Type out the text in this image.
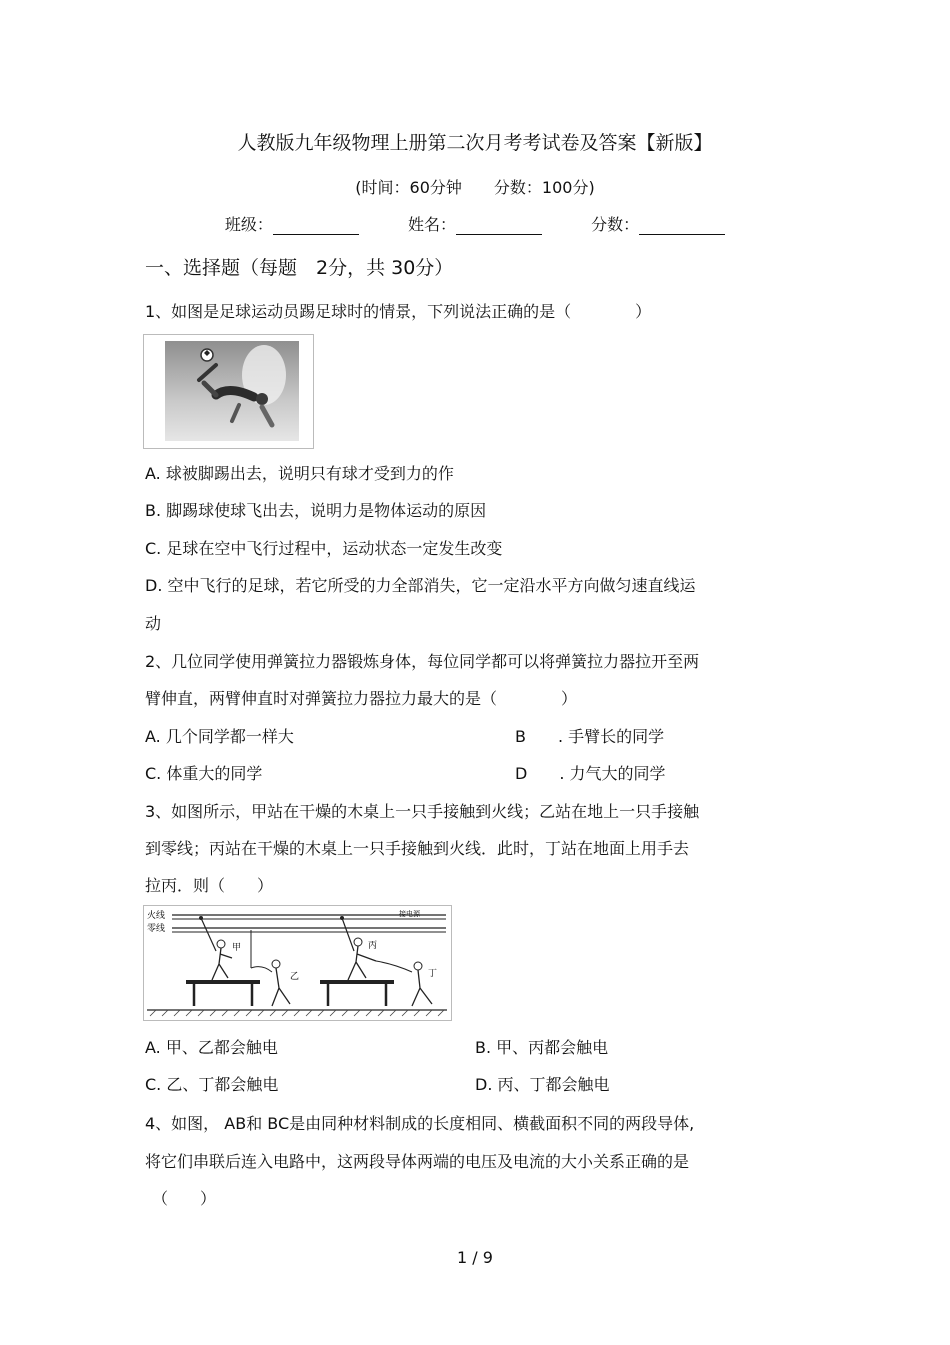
人教版九年级物理上册第二次月考考试卷及答案【新版】
(时间：60分钟　　分数：100分)
班级：	姓名：	分数：
一、选择题（每题　2分，共 30分）
1、如图是足球运动员踢足球时的情景，下列说法正确的是（　　　　）
A. 球被脚踢出去，说明只有球才受到力的作
B. 脚踢球使球飞出去，说明力是物体运动的原因
C. 足球在空中飞行过程中，运动状态一定发生改变
D. 空中飞行的足球，若它所受的力全部消失，它一定沿水平方向做匀速直线运
动
2、几位同学使用弹簧拉力器锻炼身体，每位同学都可以将弹簧拉力器拉开至两
臂伸直，两臂伸直时对弹簧拉力器拉力最大的是（　　　　）
A. 几个同学都一样大	B　　. 手臂长的同学
C. 体重大的同学	D　　. 力气大的同学
3、如图所示，甲站在干燥的木桌上一只手接触到火线；乙站在地上一只手接触
到零线；丙站在干燥的木桌上一只手接触到火线．此时，丁站在地面上用手去
拉丙．则（　　）
火线
零线
接电源
甲
乙
丙
丁
A. 甲、乙都会触电	B. 甲、丙都会触电
C. 乙、丁都会触电	D. 丙、丁都会触电
4、如图， AB和 BC是由同种材料制成的长度相同、横截面积不同的两段导体,
将它们串联后连入电路中，这两段导体两端的电压及电流的大小关系正确的是
（　　）
1 / 9
